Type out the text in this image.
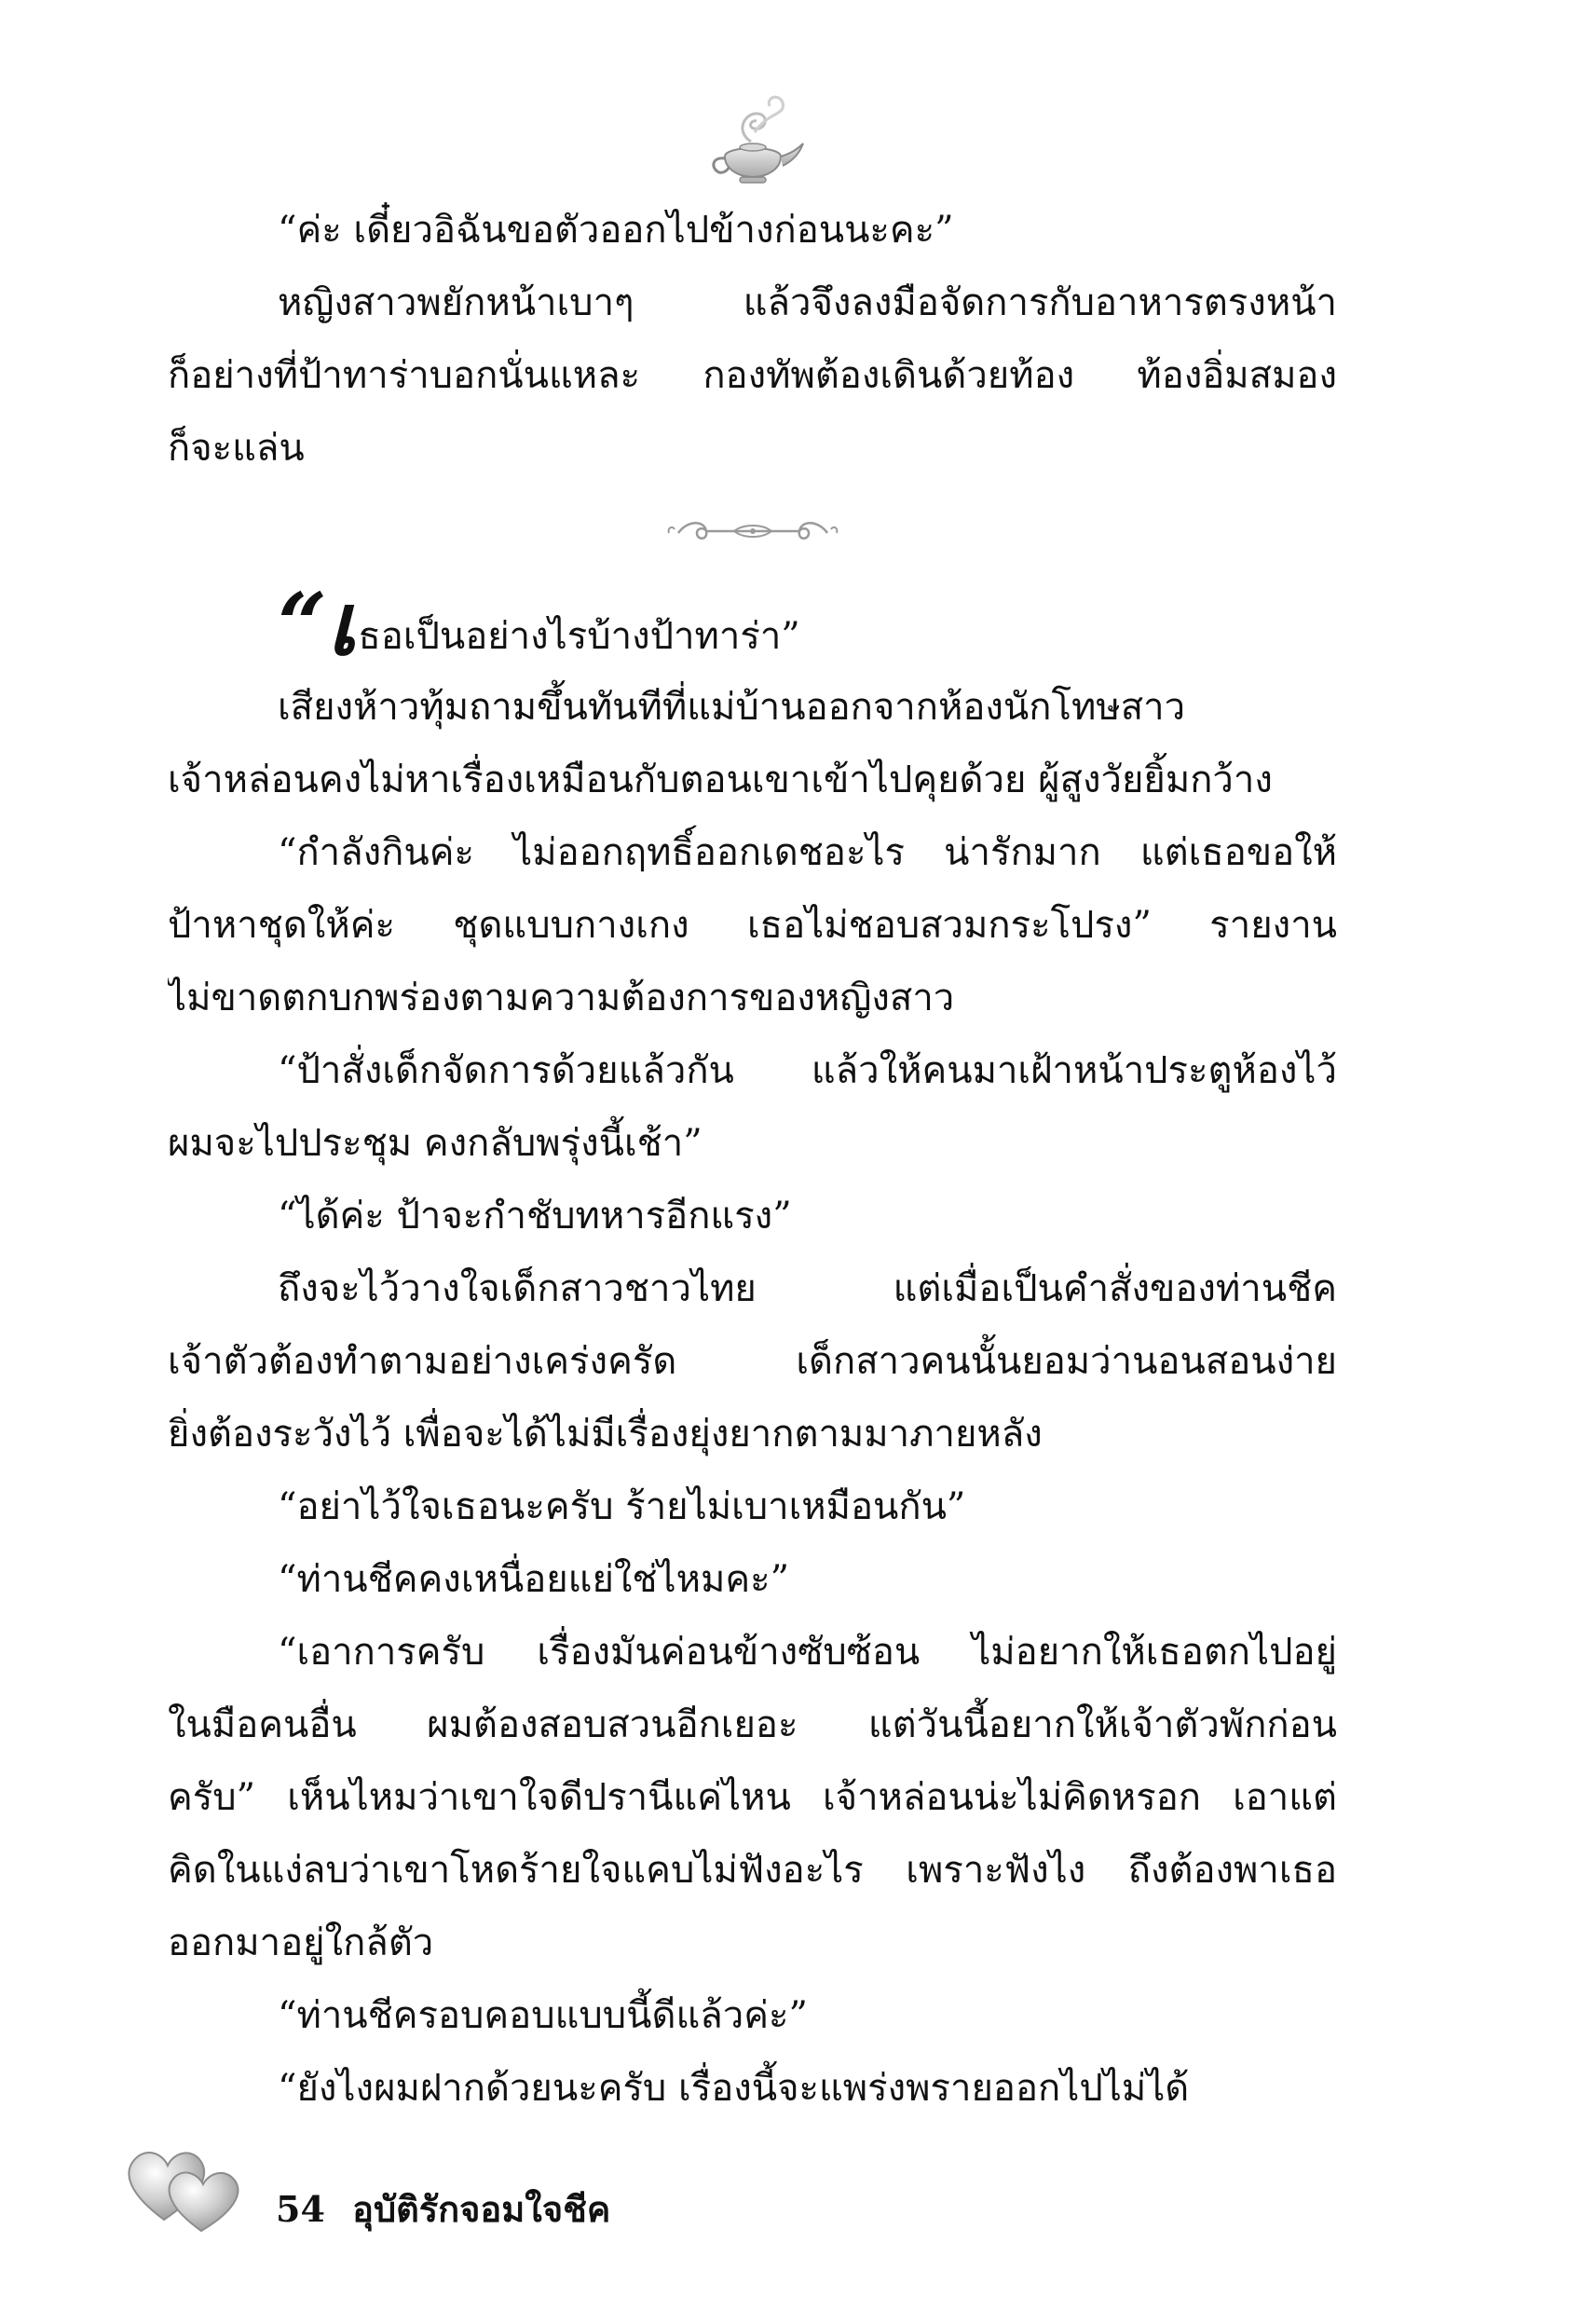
“ค่ะ เดี๋ยวอิฉันขอตัวออกไปข้างก่อนนะคะ”
หญิงสาวพยักหน้าเบาๆ แล้วจึงลงมือจัดการกับอาหารตรงหน้า
ก็อย่างที่ป้าทาร่าบอกนั่นแหละ กองทัพต้องเดินด้วยท้อง ท้องอิ่มสมอง
ก็จะแล่น
“เธอเป็นอย่างไรบ้างป้าทาร่า”
เสียงห้าวทุ้มถามขึ้นทันทีที่แม่บ้านออกจากห้องนักโทษสาว
เจ้าหล่อนคงไม่หาเรื่องเหมือนกับตอนเขาเข้าไปคุยด้วย ผู้สูงวัยยิ้มกว้าง
“กำลังกินค่ะ ไม่ออกฤทธิ์ออกเดชอะไร น่ารักมาก แต่เธอขอให้
ป้าหาชุดให้ค่ะ ชุดแบบกางเกง เธอไม่ชอบสวมกระโปรง” รายงาน
ไม่ขาดตกบกพร่องตามความต้องการของหญิงสาว
“ป้าสั่งเด็กจัดการด้วยแล้วกัน แล้วให้คนมาเฝ้าหน้าประตูห้องไว้
ผมจะไปประชุม คงกลับพรุ่งนี้เช้า”
“ได้ค่ะ ป้าจะกำชับทหารอีกแรง”
ถึงจะไว้วางใจเด็กสาวชาวไทย แต่เมื่อเป็นคำสั่งของท่านชีค
เจ้าตัวต้องทำตามอย่างเคร่งครัด เด็กสาวคนนั้นยอมว่านอนสอนง่าย
ยิ่งต้องระวังไว้ เพื่อจะได้ไม่มีเรื่องยุ่งยากตามมาภายหลัง
“อย่าไว้ใจเธอนะครับ ร้ายไม่เบาเหมือนกัน”
“ท่านชีคคงเหนื่อยแย่ใช่ไหมคะ”
“เอาการครับ เรื่องมันค่อนข้างซับซ้อน ไม่อยากให้เธอตกไปอยู่
ในมือคนอื่น ผมต้องสอบสวนอีกเยอะ แต่วันนี้อยากให้เจ้าตัวพักก่อน
ครับ” เห็นไหมว่าเขาใจดีปรานีแค่ไหน เจ้าหล่อนน่ะไม่คิดหรอก เอาแต่
คิดในแง่ลบว่าเขาโหดร้ายใจแคบไม่ฟังอะไร เพราะฟังไง ถึงต้องพาเธอ
ออกมาอยู่ใกล้ตัว
“ท่านชีครอบคอบแบบนี้ดีแล้วค่ะ”
“ยังไงผมฝากด้วยนะครับ เรื่องนี้จะแพร่งพรายออกไปไม่ได้
54 อุบัติรักจอมใจชีค
